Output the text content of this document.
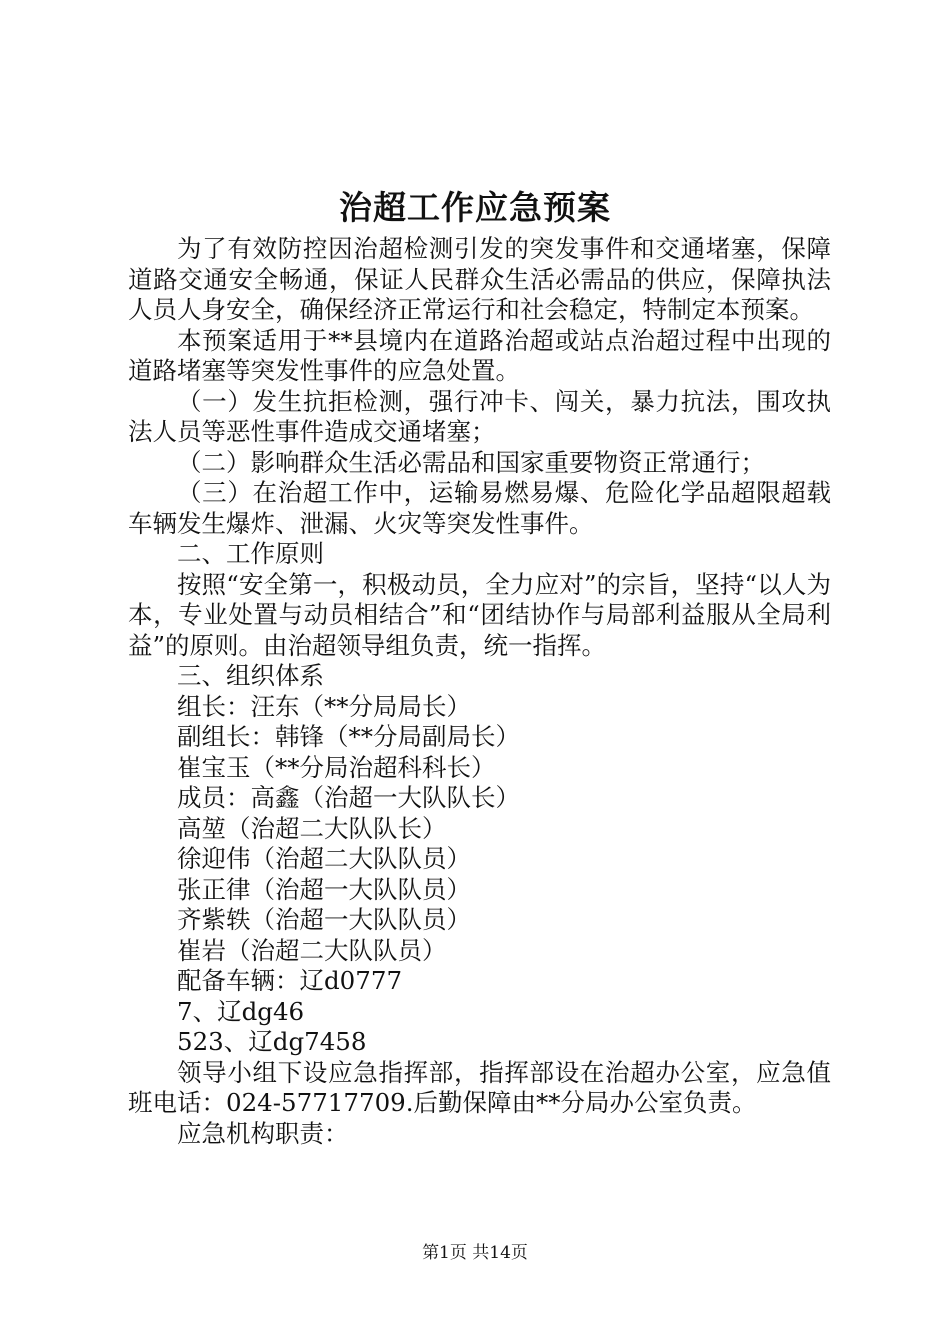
治超工作应急预案

为了有效防控因治超检测引发的突发事件和交通堵塞，保障道路交通安全畅通，保证人民群众生活必需品的供应，保障执法人员人身安全，确保经济正常运行和社会稳定，特制定本预案。

本预案适用于**县境内在道路治超或站点治超过程中出现的道路堵塞等突发性事件的应急处置。

（一）发生抗拒检测，强行冲卡、闯关，暴力抗法，围攻执法人员等恶性事件造成交通堵塞；

（二）影响群众生活必需品和国家重要物资正常通行；

（三）在治超工作中，运输易燃易爆、危险化学品超限超载车辆发生爆炸、泄漏、火灾等突发性事件。

二、工作原则

按照“安全第一，积极动员，全力应对”的宗旨，坚持“以人为本，专业处置与动员相结合”和“团结协作与局部利益服从全局利益”的原则。由治超领导组负责，统一指挥。

三、组织体系

组长：汪东（**分局局长）

副组长：韩锋（**分局副局长）

崔宝玉（**分局治超科科长）

成员：高鑫（治超一大队队长）

高堃（治超二大队队长）

徐迎伟（治超二大队队员）

张正律（治超一大队队员）

齐紫轶（治超一大队队员）

崔岩（治超二大队队员）

配备车辆：辽d0777

7、辽dg46

523、辽dg7458

领导小组下设应急指挥部，指挥部设在治超办公室，应急值班电话：024-57717709.后勤保障由**分局办公室负责。

应急机构职责：

第1页 共14页
